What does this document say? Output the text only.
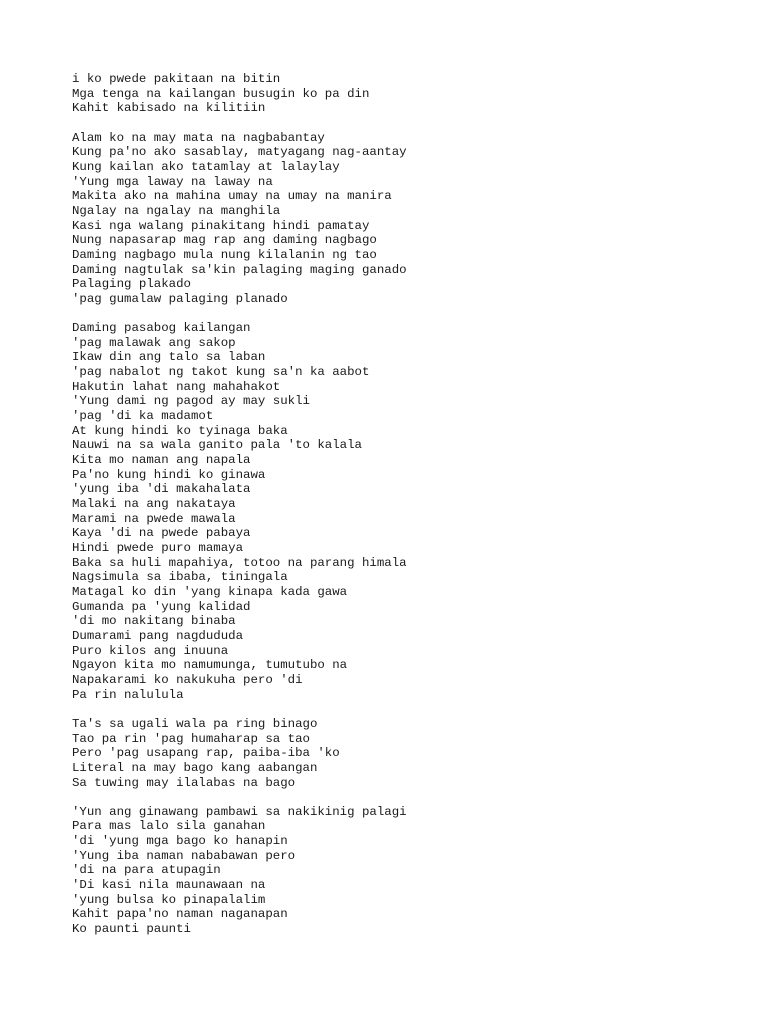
i ko pwede pakitaan na bitin
Mga tenga na kailangan busugin ko pa din
Kahit kabisado na kilitiin
Alam ko na may mata na nagbabantay
Kung pa'no ako sasablay, matyagang nag-aantay
Kung kailan ako tatamlay at lalaylay
'Yung mga laway na laway na
Makita ako na mahina umay na umay na manira
Ngalay na ngalay na manghila
Kasi nga walang pinakitang hindi pamatay
Nung napasarap mag rap ang daming nagbago
Daming nagbago mula nung kilalanin ng tao
Daming nagtulak sa'kin palaging maging ganado
Palaging plakado
'pag gumalaw palaging planado
Daming pasabog kailangan
'pag malawak ang sakop
Ikaw din ang talo sa laban
'pag nabalot ng takot kung sa'n ka aabot
Hakutin lahat nang mahahakot
'Yung dami ng pagod ay may sukli
'pag 'di ka madamot
At kung hindi ko tyinaga baka
Nauwi na sa wala ganito pala 'to kalala
Kita mo naman ang napala
Pa'no kung hindi ko ginawa
'yung iba 'di makahalata
Malaki na ang nakataya
Marami na pwede mawala
Kaya 'di na pwede pabaya
Hindi pwede puro mamaya
Baka sa huli mapahiya, totoo na parang himala
Nagsimula sa ibaba, tiningala
Matagal ko din 'yang kinapa kada gawa
Gumanda pa 'yung kalidad
'di mo nakitang binaba
Dumarami pang nagdududa
Puro kilos ang inuuna
Ngayon kita mo namumunga, tumutubo na
Napakarami ko nakukuha pero 'di
Pa rin nalulula
Ta's sa ugali wala pa ring binago
Tao pa rin 'pag humaharap sa tao
Pero 'pag usapang rap, paiba-iba 'ko
Literal na may bago kang aabangan
Sa tuwing may ilalabas na bago
'Yun ang ginawang pambawi sa nakikinig palagi
Para mas lalo sila ganahan
'di 'yung mga bago ko hanapin
'Yung iba naman nababawan pero
'di na para atupagin
'Di kasi nila maunawaan na
'yung bulsa ko pinapalalim
Kahit papa'no naman naganapan
Ko paunti paunti
